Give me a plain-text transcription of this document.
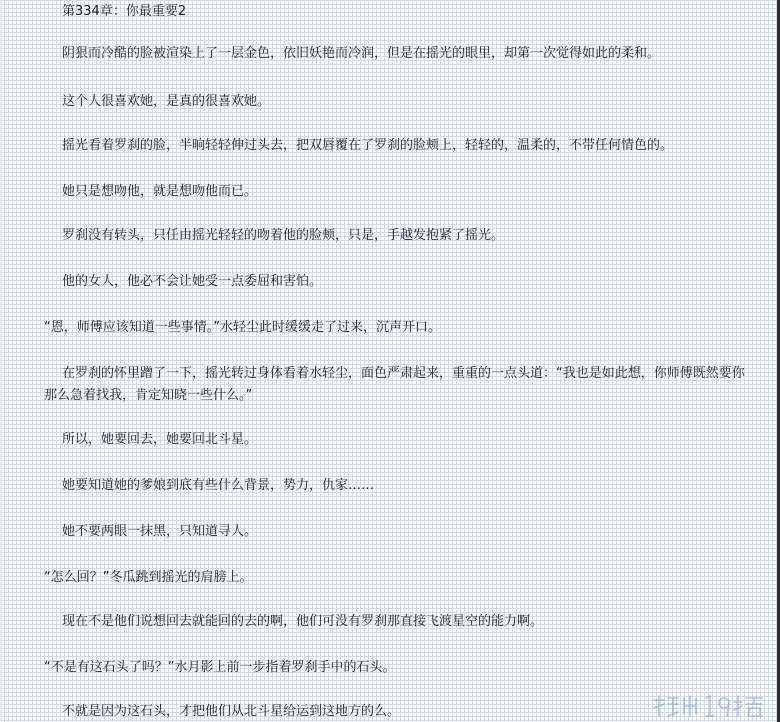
第334章：你最重要2

阴狠而冷酷的脸被渲染上了一层金色，依旧妖艳而冷润，但是在摇光的眼里，却第一次觉得如此的柔和。

这个人很喜欢她，是真的很喜欢她。

摇光看着罗刹的脸，半晌轻轻伸过头去，把双唇覆在了罗刹的脸颊上，轻轻的，温柔的，不带任何情色的。

她只是想吻他，就是想吻他而已。

罗刹没有转头，只任由摇光轻轻的吻着他的脸颊，只是，手越发抱紧了摇光。

他的女人，他必不会让她受一点委屈和害怕。

“恩，师傅应该知道一些事情。”水轻尘此时缓缓走了过来，沉声开口。

在罗刹的怀里蹭了一下，摇光转过身体看着水轻尘，面色严肃起来，重重的一点头道：“我也是如此想，你师傅既然要你

那么急着找我，肯定知晓一些什么。”

所以，她要回去，她要回北斗星。

她要知道她的爹娘到底有些什么背景，势力，仇家……

她不要两眼一抹黑，只知道寻人。

“怎么回？”冬瓜跳到摇光的肩膀上。

现在不是他们说想回去就能回的去的啊，他们可没有罗刹那直接飞渡星空的能力啊。

“不是有这石头了吗？”水月影上前一步指着罗刹手中的石头。

不就是因为这石头，才把他们从北斗星给运到这地方的么。
